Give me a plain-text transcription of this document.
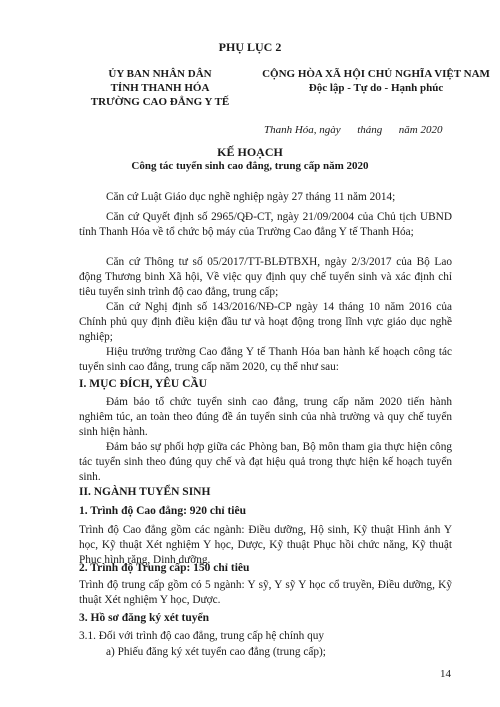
PHỤ LỤC 2
ỦY BAN NHÂN DÂN
TỈNH THANH HÓA
TRƯỜNG CAO ĐẲNG Y TẾ
CỘNG HÒA XÃ HỘI CHỦ NGHĨA VIỆT NAM
Độc lập - Tự do - Hạnh phúc
Thanh Hóa, ngày      tháng      năm 2020
KẾ HOẠCH
Công tác tuyển sinh cao đẳng, trung cấp năm 2020
Căn cứ Luật Giáo dục nghề nghiệp ngày 27 tháng 11 năm 2014;
Căn cứ Quyết định số 2965/QĐ-CT, ngày 21/09/2004 của Chủ tịch UBND tỉnh Thanh Hóa về tổ chức bộ máy của Trường Cao đẳng Y tế Thanh Hóa;
Căn cứ Thông tư số 05/2017/TT-BLĐTBXH, ngày 2/3/2017 của Bộ Lao động Thương binh Xã hội, Về việc quy định quy chế tuyển sinh và xác định chỉ tiêu tuyển sinh trình độ cao đẳng, trung cấp;
Căn cứ Nghị định số 143/2016/NĐ-CP ngày 14 tháng 10 năm 2016 của Chính phủ quy định điều kiện đầu tư và hoạt động trong lĩnh vực giáo dục nghề nghiệp;
Hiệu trưởng trường Cao đẳng Y tế Thanh Hóa ban hành kế hoạch công tác tuyển sinh cao đẳng, trung cấp năm 2020, cụ thể như sau:
I. MỤC ĐÍCH, YÊU CẦU
Đảm bảo tổ chức tuyển sinh cao đẳng, trung cấp năm 2020 tiến hành nghiêm túc, an toàn theo đúng đề án tuyển sinh của nhà trường và quy chế tuyển sinh hiện hành.
Đảm bảo sự phối hợp giữa các Phòng ban, Bộ môn tham gia thực hiện công tác tuyển sinh theo đúng quy chế và đạt hiệu quả trong thực hiện kế hoạch tuyển sinh.
II. NGÀNH TUYỂN SINH
1. Trình độ Cao đẳng: 920 chỉ tiêu
Trình độ Cao đẳng gồm các ngành: Điều dưỡng, Hộ sinh, Kỹ thuật Hình ảnh Y học, Kỹ thuật Xét nghiệm Y học, Dược, Kỹ thuật Phục hồi chức năng, Kỹ thuật Phục hình răng, Dinh dưỡng.
2. Trình độ Trung cấp: 150 chỉ tiêu
Trình độ trung cấp gồm có 5 ngành: Y sỹ, Y sỹ Y học cổ truyền, Điều dưỡng, Kỹ thuật Xét nghiệm Y học, Dược.
3. Hồ sơ đăng ký xét tuyển
3.1. Đối với trình độ cao đẳng, trung cấp hệ chính quy
a) Phiếu đăng ký xét tuyển cao đẳng (trung cấp);
14
